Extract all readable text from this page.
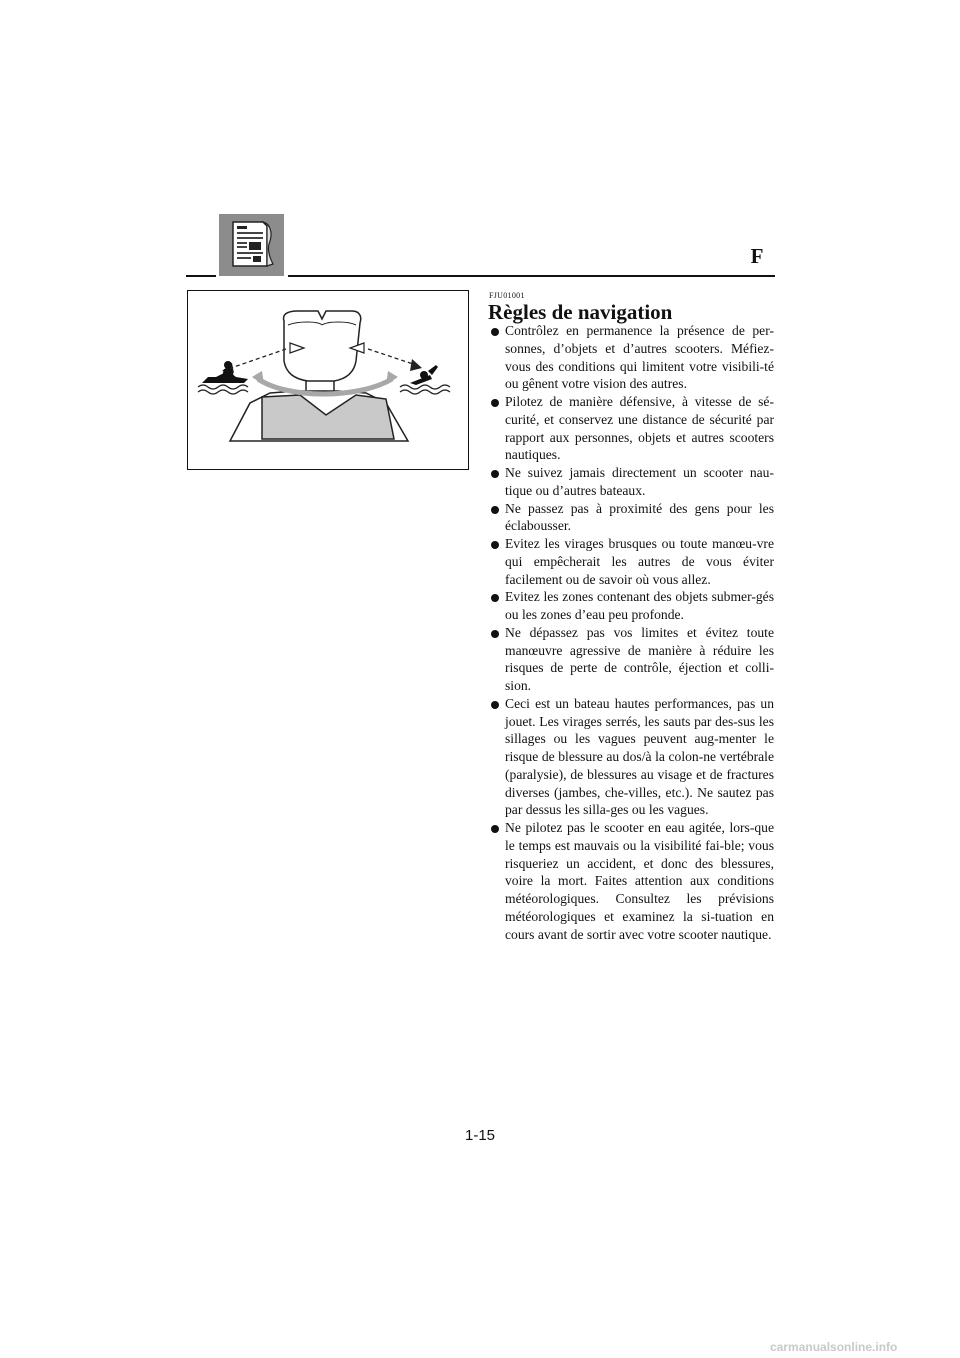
F
FJU01001
Règles de navigation
Contrôlez en permanence la présence de per-sonnes, d’objets et d’autres scooters. Méfiez-vous des conditions qui limitent votre visibili-té ou gênent votre vision des autres.
Pilotez de manière défensive, à vitesse de sé-curité, et conservez une distance de sécurité par rapport aux personnes, objets et autres scooters nautiques.
Ne suivez jamais directement un scooter nau-tique ou d’autres bateaux.
Ne passez pas à proximité des gens pour les éclabousser.
Evitez les virages brusques ou toute manœu-vre qui empêcherait les autres de vous éviter facilement ou de savoir où vous allez.
Evitez les zones contenant des objets submer-gés ou les zones d’eau peu profonde.
Ne dépassez pas vos limites et évitez toute manœuvre agressive de manière à réduire les risques de perte de contrôle, éjection et colli-sion.
Ceci est un bateau hautes performances, pas un jouet. Les virages serrés, les sauts par des-sus les sillages ou les vagues peuvent aug-menter le risque de blessure au dos/à la colon-ne vertébrale (paralysie), de blessures au visage et de fractures diverses (jambes, che-villes, etc.). Ne sautez pas par dessus les silla-ges ou les vagues.
Ne pilotez pas le scooter en eau agitée, lors-que le temps est mauvais ou la visibilité fai-ble; vous risqueriez un accident, et donc des blessures, voire la mort. Faites attention aux conditions météorologiques. Consultez les prévisions météorologiques et examinez la si-tuation en cours avant de sortir avec votre scooter nautique.
1-15
carmanualsonline.info
